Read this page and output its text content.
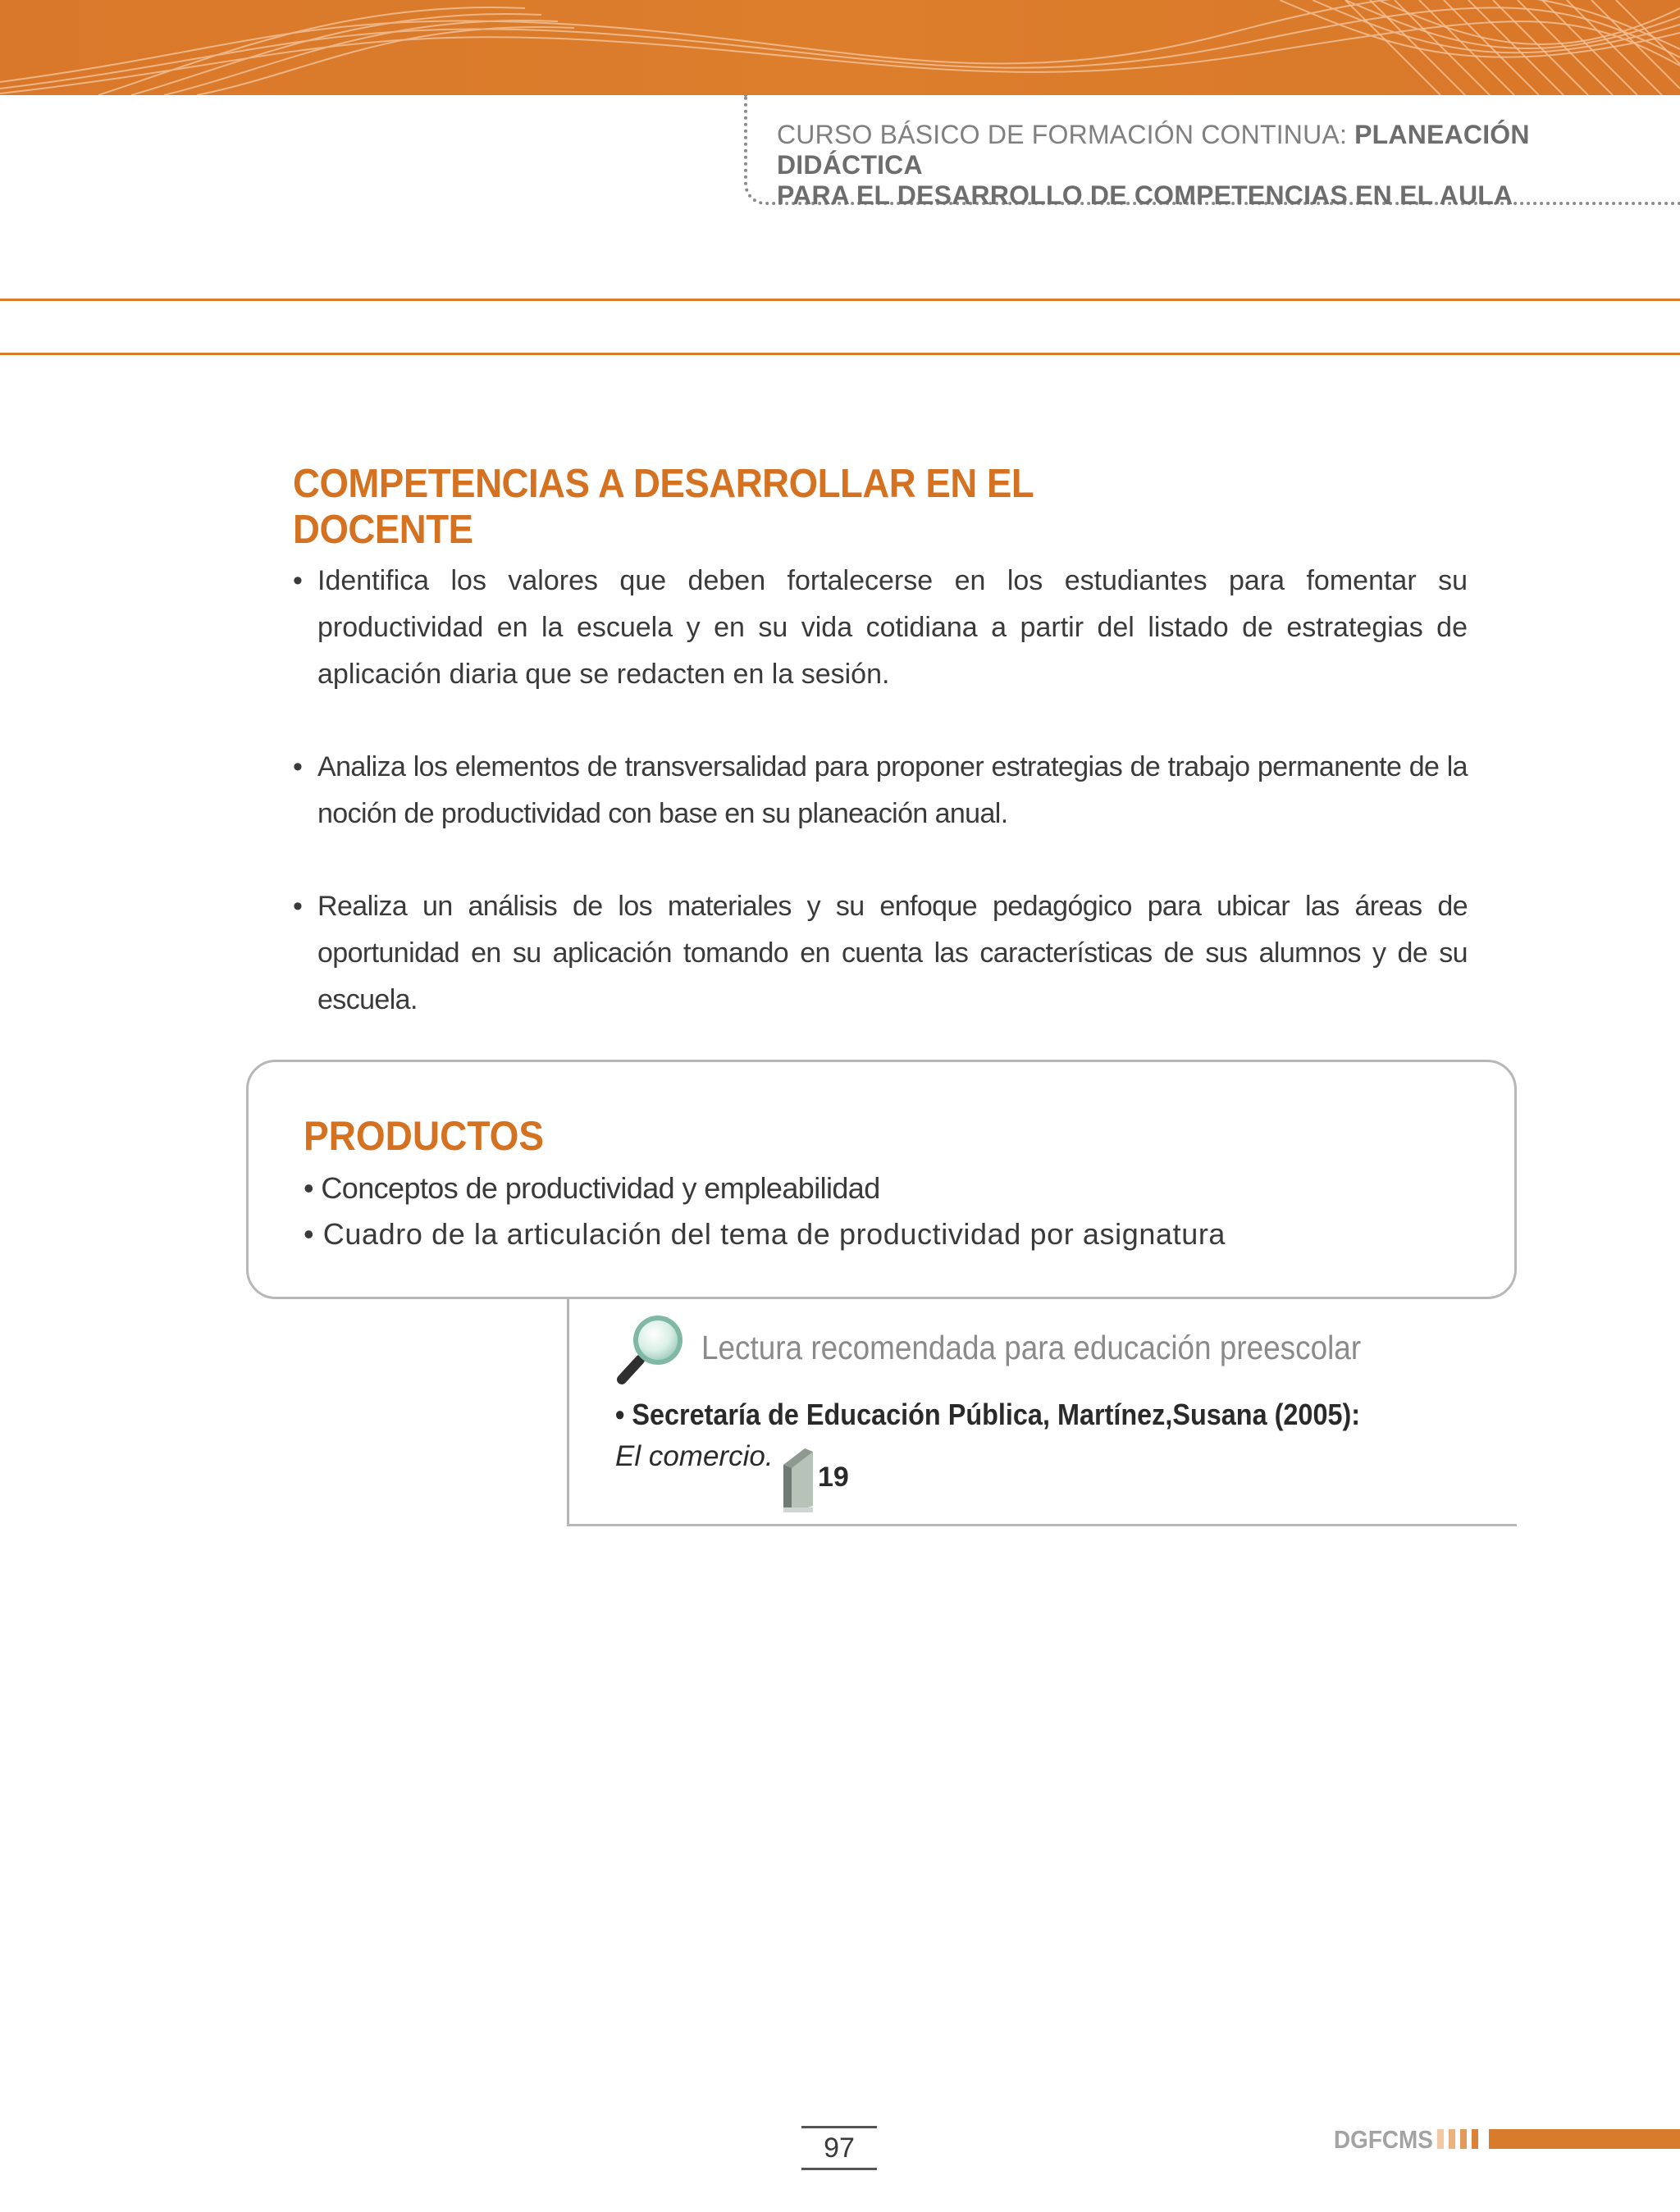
CURSO BÁSICO DE FORMACIÓN CONTINUA: PLANEACIÓN DIDÁCTICA
PARA EL DESARROLLO DE COMPETENCIAS EN EL AULA
COMPETENCIAS A DESARROLLAR EN EL DOCENTE
• Identifica los valores que deben fortalecerse en los estudiantes para fomentar su productividad en la escuela y en su vida cotidiana a partir del listado de estrategias de aplicación diaria que se redacten en la sesión.
• Analiza los elementos de transversalidad para proponer estrategias de trabajo permanente de la noción de productividad con base en su planeación anual.
• Realiza un análisis de los materiales y su enfoque pedagógico para ubicar las áreas de oportunidad en su aplicación tomando en cuenta las características de sus alumnos y de su escuela.
PRODUCTOS
• Conceptos de productividad y empleabilidad
• Cuadro de la articulación del tema de productividad por asignatura
Lectura recomendada para educación preescolar
• Secretaría de Educación Pública, Martínez,Susana (2005):
El comercio.
19
97	DGFCMS
